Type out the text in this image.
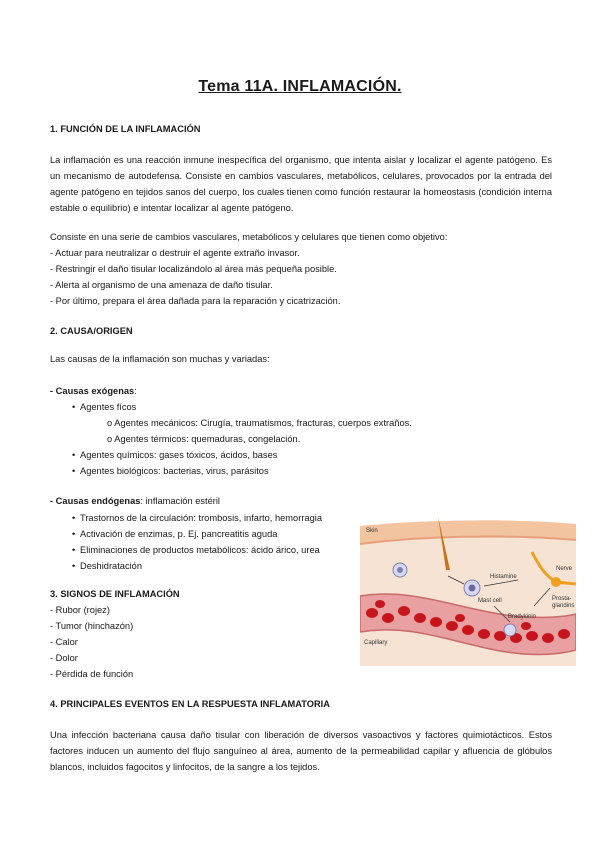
Tema 11A. INFLAMACIÓN.
1. FUNCIÓN DE LA INFLAMACIÓN
La inflamación es una reacción inmune inespecífica del organismo, que intenta aislar y localizar el agente patógeno. Es un mecanismo de autodefensa. Consiste en cambios vasculares, metabólicos, celulares, provocados por la entrada del agente patógeno en tejidos sanos del cuerpo, los cuales tienen como función restaurar la homeostasis (condición interna estable o equilibrio) e intentar localizar al agente patógeno.
Consiste en una serie de cambios vasculares, metabólicos y celulares que tienen como objetivo:
- Actuar para neutralizar o destruir el agente extraño invasor.
- Restringir el daño tisular localizándolo al área más pequeña posible.
- Alerta al organismo de una amenaza de daño tisular.
- Por último, prepara el área dañada para la reparación y cicatrización.
2. CAUSA/ORIGEN
Las causas de la inflamación son muchas y variadas:
- Causas exógenas:
• Agentes fícos
o Agentes mecánicos: Cirugía, traumatismos, fracturas, cuerpos extraños.
o Agentes térmicos: quemaduras, congelación.
• Agentes químicos: gases tóxicos, ácidos, bases
• Agentes biológicos: bacterias, virus, parásitos
- Causas endógenas: inflamación estéril
• Trastornos de la circulación: trombosis, infarto, hemorragia
• Activación de enzimas, p. Ej. pancreatitis aguda
• Eliminaciones de productos metabólicos: ácido árico, urea
• Deshidratación
3. SIGNOS DE INFLAMACIÓN
- Rubor (rojez)
- Tumor (hinchazón)
- Calor
- Dolor
- Pérdida de función
4. PRINCIPALES EVENTOS EN LA RESPUESTA INFLAMATORIA
Una infección bacteriana causa daño tisular con liberación de diversos vasoactivos y factores quimiotácticos. Estos factores inducen un aumento del flujo sanguíneo al área, aumento de la permeabilidad capilar y afluencia de glóbulos blancos, incluidos fagocitos y linfocitos, de la sangre a los tejidos.
Skin
Histamine
Mast cell
Nerve
Prosta-
glandins
Bradykinin
Capillary
